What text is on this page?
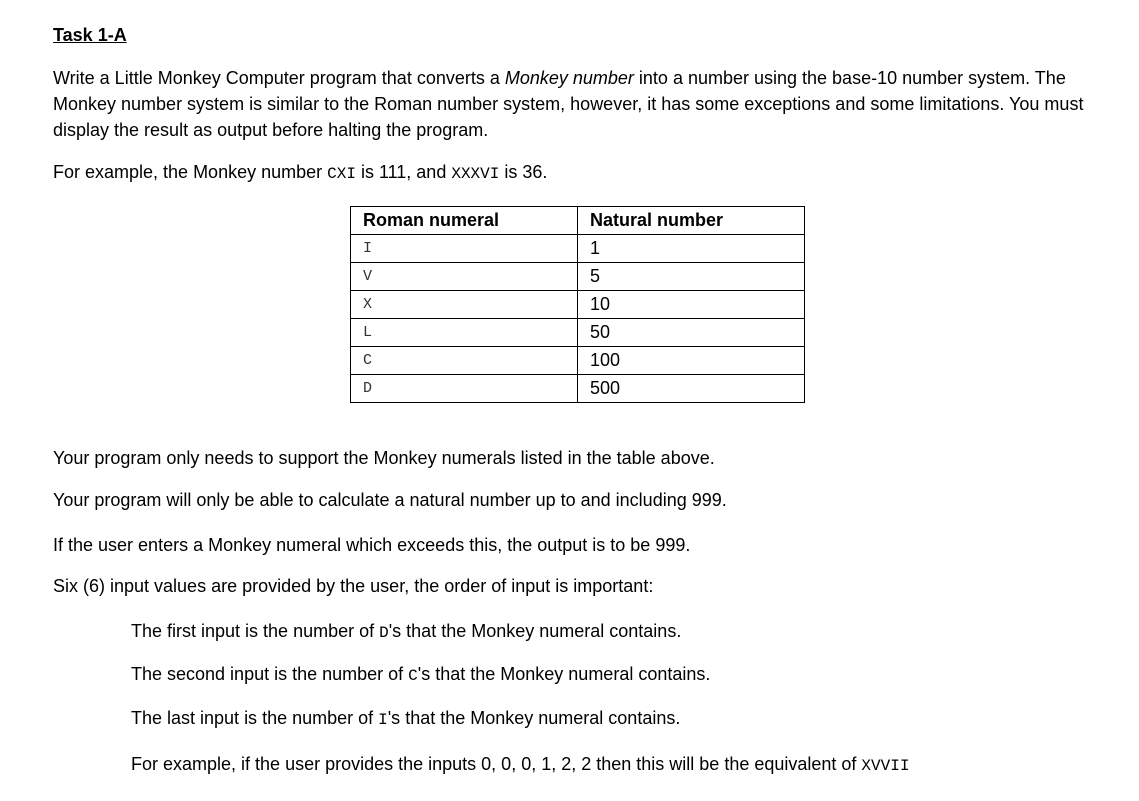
Task 1-A

Write a Little Monkey Computer program that converts a Monkey number into a number using the base-10 number system. The Monkey number system is similar to the Roman number system, however, it has some exceptions and some limitations. You must display the result as output before halting the program.

For example, the Monkey number CXI is 111, and XXXVI is 36.

Roman numeral	Natural number
I	1
V	5
X	10
L	50
C	100
D	500

Your program only needs to support the Monkey numerals listed in the table above.

Your program will only be able to calculate a natural number up to and including 999.

If the user enters a Monkey numeral which exceeds this, the output is to be 999.

Six (6) input values are provided by the user, the order of input is important:

The first input is the number of D's that the Monkey numeral contains.

The second input is the number of C's that the Monkey numeral contains.

The last input is the number of I's that the Monkey numeral contains.

For example, if the user provides the inputs 0, 0, 0, 1, 2, 2 then this will be the equivalent of XVVII
